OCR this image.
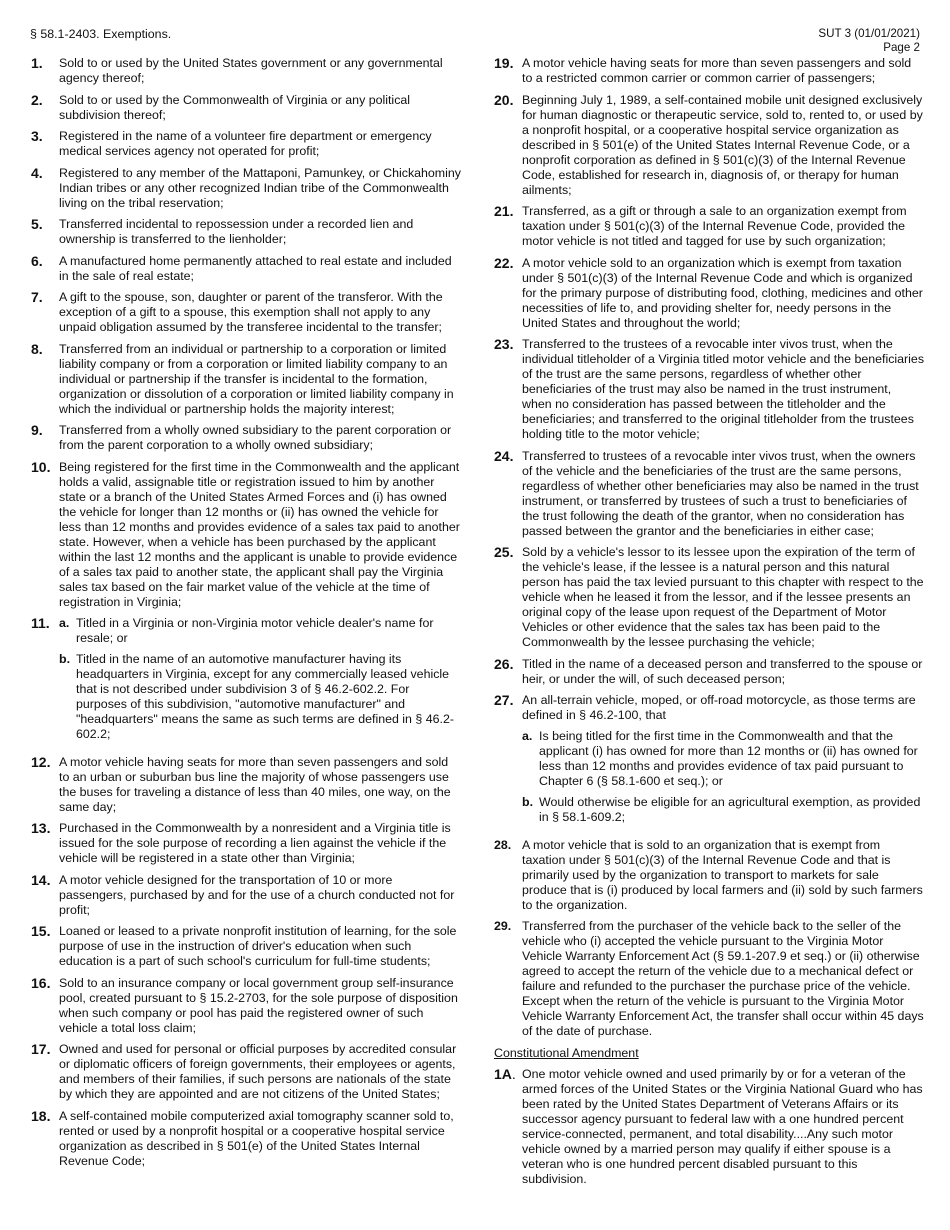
§ 58.1-2403. Exemptions.	SUT 3 (01/01/2021)
Page 2
1.	Sold to or used by the United States government or any governmental agency thereof;
2.	Sold to or used by the Commonwealth of Virginia or any political subdivision thereof;
3.	Registered in the name of a volunteer fire department or emergency medical services agency not operated for profit;
4.	Registered to any member of the Mattaponi, Pamunkey, or Chickahominy Indian tribes or any other recognized Indian tribe of the Commonwealth living on the tribal reservation;
5.	Transferred incidental to repossession under a recorded lien and ownership is transferred to the lienholder;
6.	A manufactured home permanently attached to real estate and included in the sale of real estate;
7.	A gift to the spouse, son, daughter or parent of the transferor. With the exception of a gift to a spouse, this exemption shall not apply to any unpaid obligation assumed by the transferee incidental to the transfer;
8.	Transferred from an individual or partnership to a corporation or limited liability company or from a corporation or limited liability company to an individual or partnership if the transfer is incidental to the formation, organization or dissolution of a corporation or limited liability company in which the individual or partnership holds the majority interest;
9.	Transferred from a wholly owned subsidiary to the parent corporation or from the parent corporation to a wholly owned subsidiary;
10. Being registered for the first time in the Commonwealth and the applicant holds a valid, assignable title or registration issued to him by another state or a branch of the United States Armed Forces and (i) has owned the vehicle for longer than 12 months or (ii) has owned the vehicle for less than 12 months and provides evidence of a sales tax paid to another state. However, when a vehicle has been purchased by the applicant within the last 12 months and the applicant is unable to provide evidence of a sales tax paid to another state, the applicant shall pay the Virginia sales tax based on the fair market value of the vehicle at the time of registration in Virginia;
11. a. Titled in a Virginia or non-Virginia motor vehicle dealer's name for resale; or
b. Titled in the name of an automotive manufacturer having its headquarters in Virginia, except for any commercially leased vehicle that is not described under subdivision 3 of § 46.2-602.2. For purposes of this subdivision, "automotive manufacturer" and "headquarters" means the same as such terms are defined in § 46.2-602.2;
12. A motor vehicle having seats for more than seven passengers and sold to an urban or suburban bus line the majority of whose passengers use the buses for traveling a distance of less than 40 miles, one way, on the same day;
13. Purchased in the Commonwealth by a nonresident and a Virginia title is issued for the sole purpose of recording a lien against the vehicle if the vehicle will be registered in a state other than Virginia;
14. A motor vehicle designed for the transportation of 10 or more passengers, purchased by and for the use of a church conducted not for profit;
15. Loaned or leased to a private nonprofit institution of learning, for the sole purpose of use in the instruction of driver's education when such education is a part of such school's curriculum for full-time students;
16. Sold to an insurance company or local government group self-insurance pool, created pursuant to § 15.2-2703, for the sole purpose of disposition when such company or pool has paid the registered owner of such vehicle a total loss claim;
17. Owned and used for personal or official purposes by accredited consular or diplomatic officers of foreign governments, their employees or agents, and members of their families, if such persons are nationals of the state by which they are appointed and are not citizens of the United States;
18. A self-contained mobile computerized axial tomography scanner sold to, rented or used by a nonprofit hospital or a cooperative hospital service organization as described in § 501(e) of the United States Internal Revenue Code;
19. A motor vehicle having seats for more than seven passengers and sold to a restricted common carrier or common carrier of passengers;
20. Beginning July 1, 1989, a self-contained mobile unit designed exclusively for human diagnostic or therapeutic service, sold to, rented to, or used by a nonprofit hospital, or a cooperative hospital service organization as described in § 501(e) of the United States Internal Revenue Code, or a nonprofit corporation as defined in § 501(c)(3) of the Internal Revenue Code, established for research in, diagnosis of, or therapy for human ailments;
21. Transferred, as a gift or through a sale to an organization exempt from taxation under § 501(c)(3) of the Internal Revenue Code, provided the motor vehicle is not titled and tagged for use by such organization;
22. A motor vehicle sold to an organization which is exempt from taxation under § 501(c)(3) of the Internal Revenue Code and which is organized for the primary purpose of distributing food, clothing, medicines and other necessities of life to, and providing shelter for, needy persons in the United States and throughout the world;
23. Transferred to the trustees of a revocable inter vivos trust, when the individual titleholder of a Virginia titled motor vehicle and the beneficiaries of the trust are the same persons, regardless of whether other beneficiaries of the trust may also be named in the trust instrument, when no consideration has passed between the titleholder and the beneficiaries; and transferred to the original titleholder from the trustees holding title to the motor vehicle;
24. Transferred to trustees of a revocable inter vivos trust, when the owners of the vehicle and the beneficiaries of the trust are the same persons, regardless of whether other beneficiaries may also be named in the trust instrument, or transferred by trustees of such a trust to beneficiaries of the trust following the death of the grantor, when no consideration has passed between the grantor and the beneficiaries in either case;
25. Sold by a vehicle's lessor to its lessee upon the expiration of the term of the vehicle's lease, if the lessee is a natural person and this natural person has paid the tax levied pursuant to this chapter with respect to the vehicle when he leased it from the lessor, and if the lessee presents an original copy of the lease upon request of the Department of Motor Vehicles or other evidence that the sales tax has been paid to the Commonwealth by the lessee purchasing the vehicle;
26. Titled in the name of a deceased person and transferred to the spouse or heir, or under the will, of such deceased person;
27. An all-terrain vehicle, moped, or off-road motorcycle, as those terms are defined in § 46.2-100, that
a. Is being titled for the first time in the Commonwealth and that the applicant (i) has owned for more than 12 months or (ii) has owned for less than 12 months and provides evidence of tax paid pursuant to Chapter 6 (§ 58.1-600 et seq.); or
b. Would otherwise be eligible for an agricultural exemption, as provided in § 58.1-609.2;
28. A motor vehicle that is sold to an organization that is exempt from taxation under § 501(c)(3) of the Internal Revenue Code and that is primarily used by the organization to transport to markets for sale produce that is (i) produced by local farmers and (ii) sold by such farmers to the organization.
29. Transferred from the purchaser of the vehicle back to the seller of the vehicle who (i) accepted the vehicle pursuant to the Virginia Motor Vehicle Warranty Enforcement Act (§ 59.1-207.9 et seq.) or (ii) otherwise agreed to accept the return of the vehicle due to a mechanical defect or failure and refunded to the purchaser the purchase price of the vehicle. Except when the return of the vehicle is pursuant to the Virginia Motor Vehicle Warranty Enforcement Act, the transfer shall occur within 45 days of the date of purchase.
Constitutional Amendment
1A. One motor vehicle owned and used primarily by or for a veteran of the armed forces of the United States or the Virginia National Guard who has been rated by the United States Department of Veterans Affairs or its successor agency pursuant to federal law with a one hundred percent service-connected, permanent, and total disability....Any such motor vehicle owned by a married person may qualify if either spouse is a veteran who is one hundred percent disabled pursuant to this subdivision.
